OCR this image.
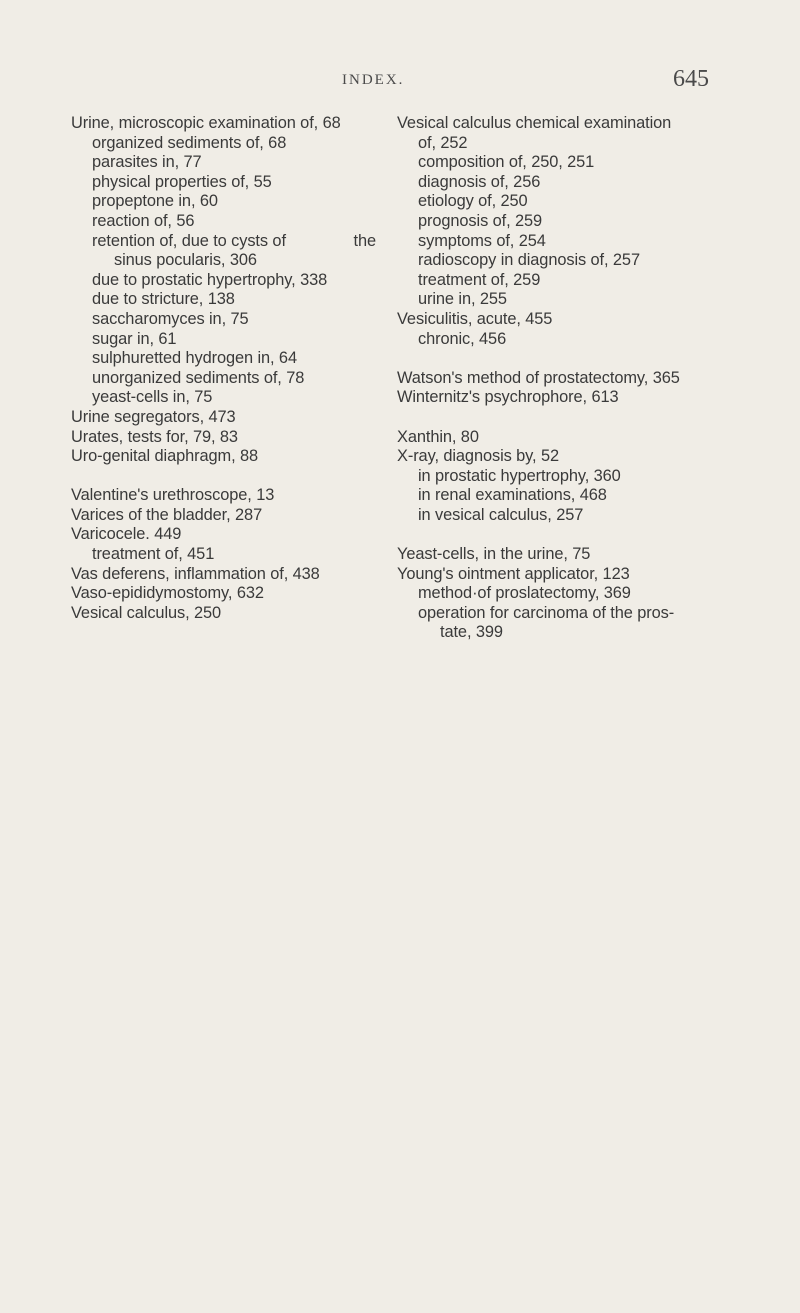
INDEX.	645
Urine, microscopic examination of, 68
organized sediments of, 68
parasites in, 77
physical properties of, 55
propeptone in, 60
reaction of, 56
retention of, due to cysts of	the
sinus pocularis, 306
due to prostatic hypertrophy, 338
due to stricture, 138
saccharomyces in, 75
sugar in, 61
sulphuretted hydrogen in, 64
unorganized sediments of, 78
yeast-cells in, 75
Urine segregators, 473
Urates, tests for, 79, 83
Uro-genital diaphragm, 88
Valentine's urethroscope, 13
Varices of the bladder, 287
Varicocele. 449
treatment of, 451
Vas deferens, inflammation of, 438
Vaso-epididymostomy, 632
Vesical calculus, 250
Vesical calculus chemical examination
of, 252
composition of, 250, 251
diagnosis of, 256
etiology of, 250
prognosis of, 259
symptoms of, 254
radioscopy in diagnosis of, 257
treatment of, 259
urine in, 255
Vesiculitis, acute, 455
chronic, 456
Watson's method of prostatectomy, 365
Winternitz's psychrophore, 613
Xanthin, 80
X-ray, diagnosis by, 52
in prostatic hypertrophy, 360
in renal examinations, 468
in vesical calculus, 257
Yeast-cells, in the urine, 75
Young's ointment applicator, 123
method·of proslatectomy, 369
operation for carcinoma of the pros-
tate, 399
